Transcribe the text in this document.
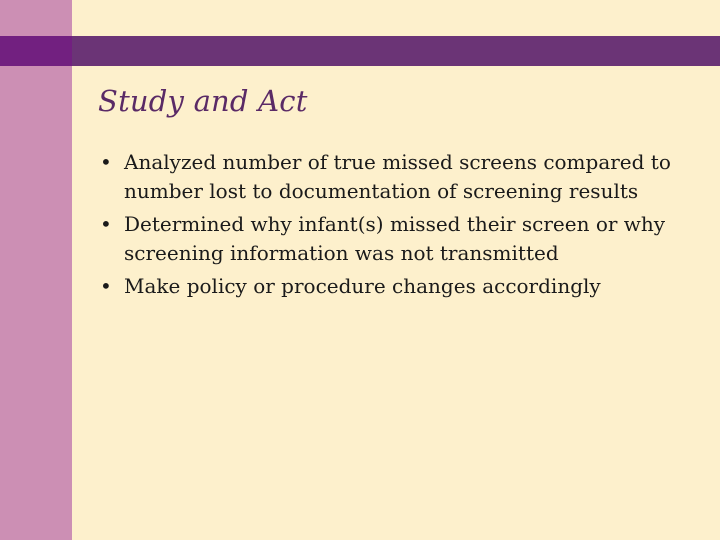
Study and Act
• Analyzed number of true missed screens compared to number lost to documentation of screening results
• Determined why infant(s) missed their screen or why screening information was not transmitted
• Make policy or procedure changes accordingly
